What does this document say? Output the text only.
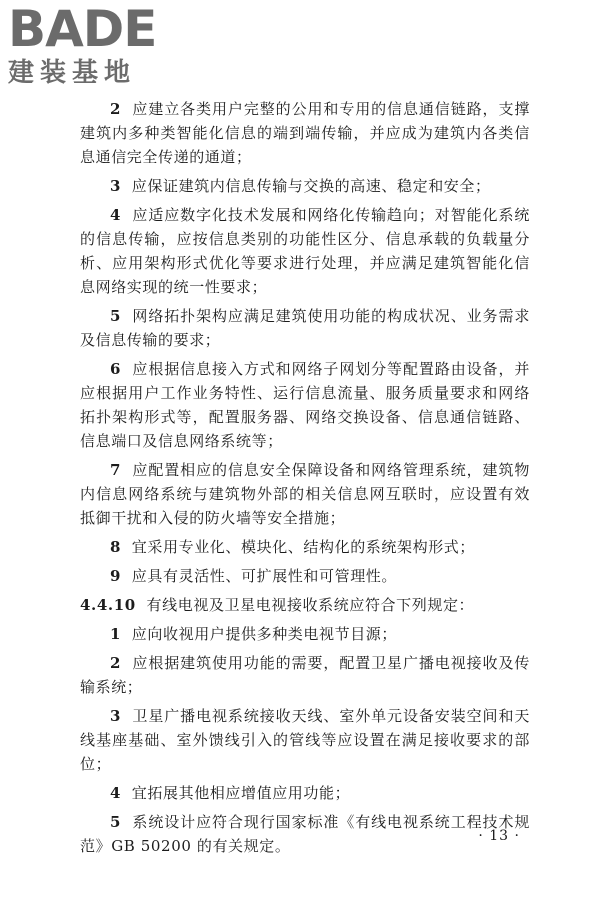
BADE
建装基地

2 应建立各类用户完整的公用和专用的信息通信链路，支撑建筑内多种类智能化信息的端到端传输，并应成为建筑内各类信息通信完全传递的通道；

3 应保证建筑内信息传输与交换的高速、稳定和安全；

4 应适应数字化技术发展和网络化传输趋向；对智能化系统的信息传输，应按信息类别的功能性区分、信息承载的负载量分析、应用架构形式优化等要求进行处理，并应满足建筑智能化信息网络实现的统一性要求；

5 网络拓扑架构应满足建筑使用功能的构成状况、业务需求及信息传输的要求；

6 应根据信息接入方式和网络子网划分等配置路由设备，并应根据用户工作业务特性、运行信息流量、服务质量要求和网络拓扑架构形式等，配置服务器、网络交换设备、信息通信链路、信息端口及信息网络系统等；

7 应配置相应的信息安全保障设备和网络管理系统，建筑物内信息网络系统与建筑物外部的相关信息网互联时，应设置有效抵御干扰和入侵的防火墙等安全措施；

8 宜采用专业化、模块化、结构化的系统架构形式；

9 应具有灵活性、可扩展性和可管理性。

4.4.10 有线电视及卫星电视接收系统应符合下列规定：

1 应向收视用户提供多种类电视节目源；

2 应根据建筑使用功能的需要，配置卫星广播电视接收及传输系统；

3 卫星广播电视系统接收天线、室外单元设备安装空间和天线基座基础、室外馈线引入的管线等应设置在满足接收要求的部位；

4 宜拓展其他相应增值应用功能；

5 系统设计应符合现行国家标准《有线电视系统工程技术规范》GB 50200 的有关规定。

· 13 ·
